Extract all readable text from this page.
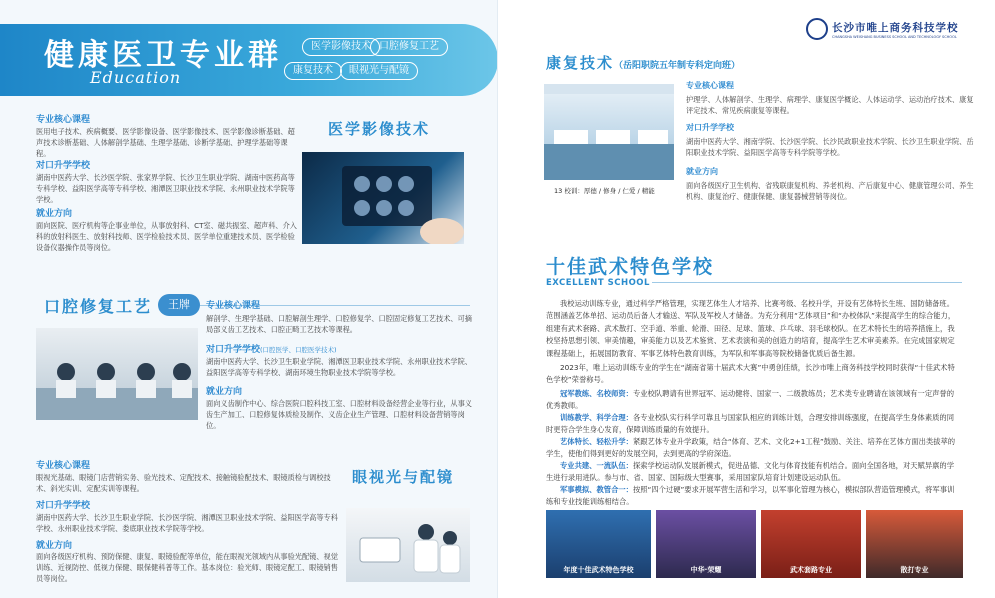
健康医卫专业群
Education
医学影像技术 口腔修复工艺
康复技术	眼视光与配镜
专业核心课程
医用电子技术、疾病概要、医学影像设备、医学影像技术、医学影像诊断基础、超声技术诊断基础、人体解剖学基础、生理学基础、诊断学基础、护理学基础等课程。
对口升学学校
湖南中医药大学、长沙医学院、张家界学院、长沙卫生职业学院、湖南中医药高等专科学校、益阳医学高等专科学校、湘潭医卫职业技术学院、永州职业技术学院等学校。
就业方向
面向医院、医疗机构等企事业单位，从事放射科、CT室、磁共振室、超声科、介入科的放射科医生、放射科技师、医学检验技术员、医学单位重建技术员、医学检验设备仪器操作员等岗位。
医学影像技术
口腔修复工艺	王牌	专业核心课程
解剖学、生理学基础、口腔解剖生理学、口腔修复学、口腔固定修复工艺技术、可摘局部义齿工艺技术、口腔正畸工艺技术等课程。
对口升学学校(口腔医学、口腔医学技术)
湖南中医药大学、长沙卫生职业学院、湘潭医卫职业技术学院、永州职业技术学院、益阳医学高等专科学校、湖南环境生物职业技术学院等学校。
就业方向
面向义齿制作中心、综合医院口腔科技工室、口腔材料设备经营企业等行业，从事义齿生产加工、口腔修复体质检及制作、义齿企业生产管理、口腔材料设备营销等岗位。
专业核心课程
眼视光基础、眼镜门店营销实务、验光技术、定配技术、接触镜验配技术、眼镜质检与调校技术、斜光实训、定配实训等课程。
对口升学学校
湖南中医药大学、长沙卫生职业学院、长沙医学院、湘潭医卫职业技术学院、益阳医学高等专科学校、永州职业技术学院、娄底职业技术学院等学校。
就业方向
面向各级医疗机构、预防保健、康复、眼镜验配等单位，能在眼视光领域内从事验光配镜、视觉训练、近视防控、低视力保健、眼保健科普等工作。基本岗位：验光师、眼镜定配工、眼镜销售员等岗位。
眼视光与配镜
长沙市唯上商务科技学校
CHANGSHA WEISHANG BUSINESS SCHOOL AND TECHNOLOGY SCHOOL
康复技术（岳阳职院五年制专科定向班）
13 校训：厚德 / 修身 / 仁爱 / 精能
专业核心课程
护理学、人体解剖学、生理学、病理学、康复医学概论、人体运动学、运动治疗技术、康复评定技术、常见疾病康复等课程。
对口升学学校
湖南中医药大学、湘南学院、长沙医学院、长沙民政职业技术学院、长沙卫生职业学院、岳阳职业技术学院、益阳医学高等专科学院等学校。
就业方向
面向各级医疗卫生机构、省残联康复机构、养老机构、产后康复中心、健康管理公司、养生机构、康复治疗、健康保健、康复器械营销等岗位。
十佳武术特色学校
EXCELLENT SCHOOL
我校运动训练专业，通过科学严格管理，实现艺体生人才培养、比赛考级、名校升学，开设有艺体特长生班、国防储备班。范围涵盖艺体单招、运动员后备人才输送、军队及军校人才储备。为充分利用“艺体项目”和“办校体队”来提高学生的综合能力，组建有武术套路、武术散打、空手道、举重、轮滑、田径、足球、篮球、乒乓球、羽毛球校队。在艺术特长生的培养措施上，我校坚持思想引领、审美情趣，审美能力以及艺术鉴赏、艺术表演和美的创造力的培育，提高学生艺术审美素养。在完成国家规定课程基础上，拓展国防教育、军事艺体特色教育训练，为军队和军事高等院校储备优质后备生源。
2023年，唯上运动训练专业的学生在“湖南省第十届武术大赛”中勇创佳绩，长沙市唯上商务科技学校同时获得“十佳武术特色学校”荣誉称号。
冠军教练、名校师资：专业校队聘请有世界冠军、运动健将、国家一、二级教练员；艺术类专业聘请在该领域有一定声誉的优秀教师。
训练教学、科学合理：各专业校队实行科学可靠且与国家队相应的训练计划，合理安排训练强度，在提高学生身体素质的同时更符合学生身心发育，保障训练质量的有效提升。
艺体特长、轻松升学：紧跟艺体专业升学政策，结合“体育、艺术、文化2+1工程”鼓励、关注、培养在艺体方面出类拔萃的学生，使他们得到更好的发展空间，去到更高的学府深造。
专业共建、一流队伍：探索学校运动队发展新模式，促进品德、文化与体育技能有机结合。面向全国各地，对天赋异禀的学生进行录用进队。参与市、省、国家、国际级大型赛事，采用国家队培育计划建设运动队伍。
军事模拟、教管合一：按照“四个过硬”要求开展军营生活和学习，以军事化管理为核心，模拟部队营造管理模式，将军事训练和专业技能训练相结合。
年度十佳武术特色学校	中华·荣耀	武术套路专业	散打专业
